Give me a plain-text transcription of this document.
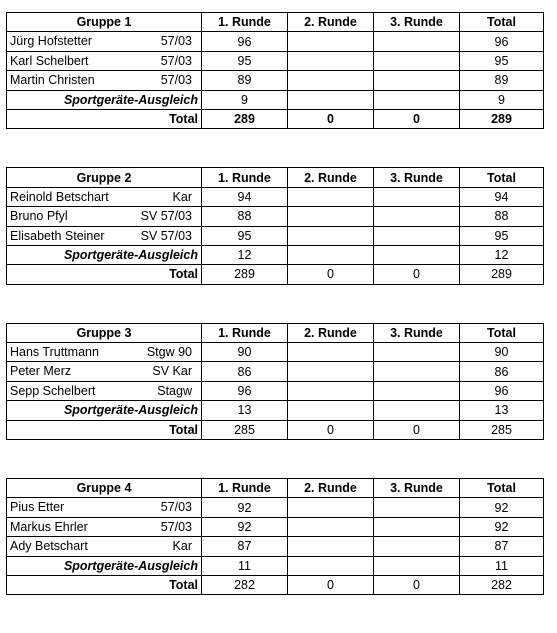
Gruppe 1	1. Runde	2. Runde	3. Runde	Total

Jürg Hofstetter 57/03	96			96

Karl Schelbert 57/03	95			95

Martin Christen 57/03	89			89
Sportgeräte-Ausgleich	9			9
Total	289	0	0	289
Gruppe 2	1. Runde	2. Runde	3. Runde	Total

Reinold Betschart Kar	94			94

Bruno Pfyl SV 57/03	88			88

Elisabeth Steiner SV 57/03	95			95
Sportgeräte-Ausgleich	12			12
Total	289	0	0	289
Gruppe 3	1. Runde	2. Runde	3. Runde	Total

Hans Truttmann Stgw 90	90			90

Peter Merz SV Kar	86			86

Sepp Schelbert Stagw	96			96
Sportgeräte-Ausgleich	13			13
Total	285	0	0	285
Gruppe 4	1. Runde	2. Runde	3. Runde	Total

Pius Etter 57/03	92			92

Markus Ehrler 57/03	92			92

Ady Betschart Kar	87			87
Sportgeräte-Ausgleich	11			11
Total	282	0	0	282
